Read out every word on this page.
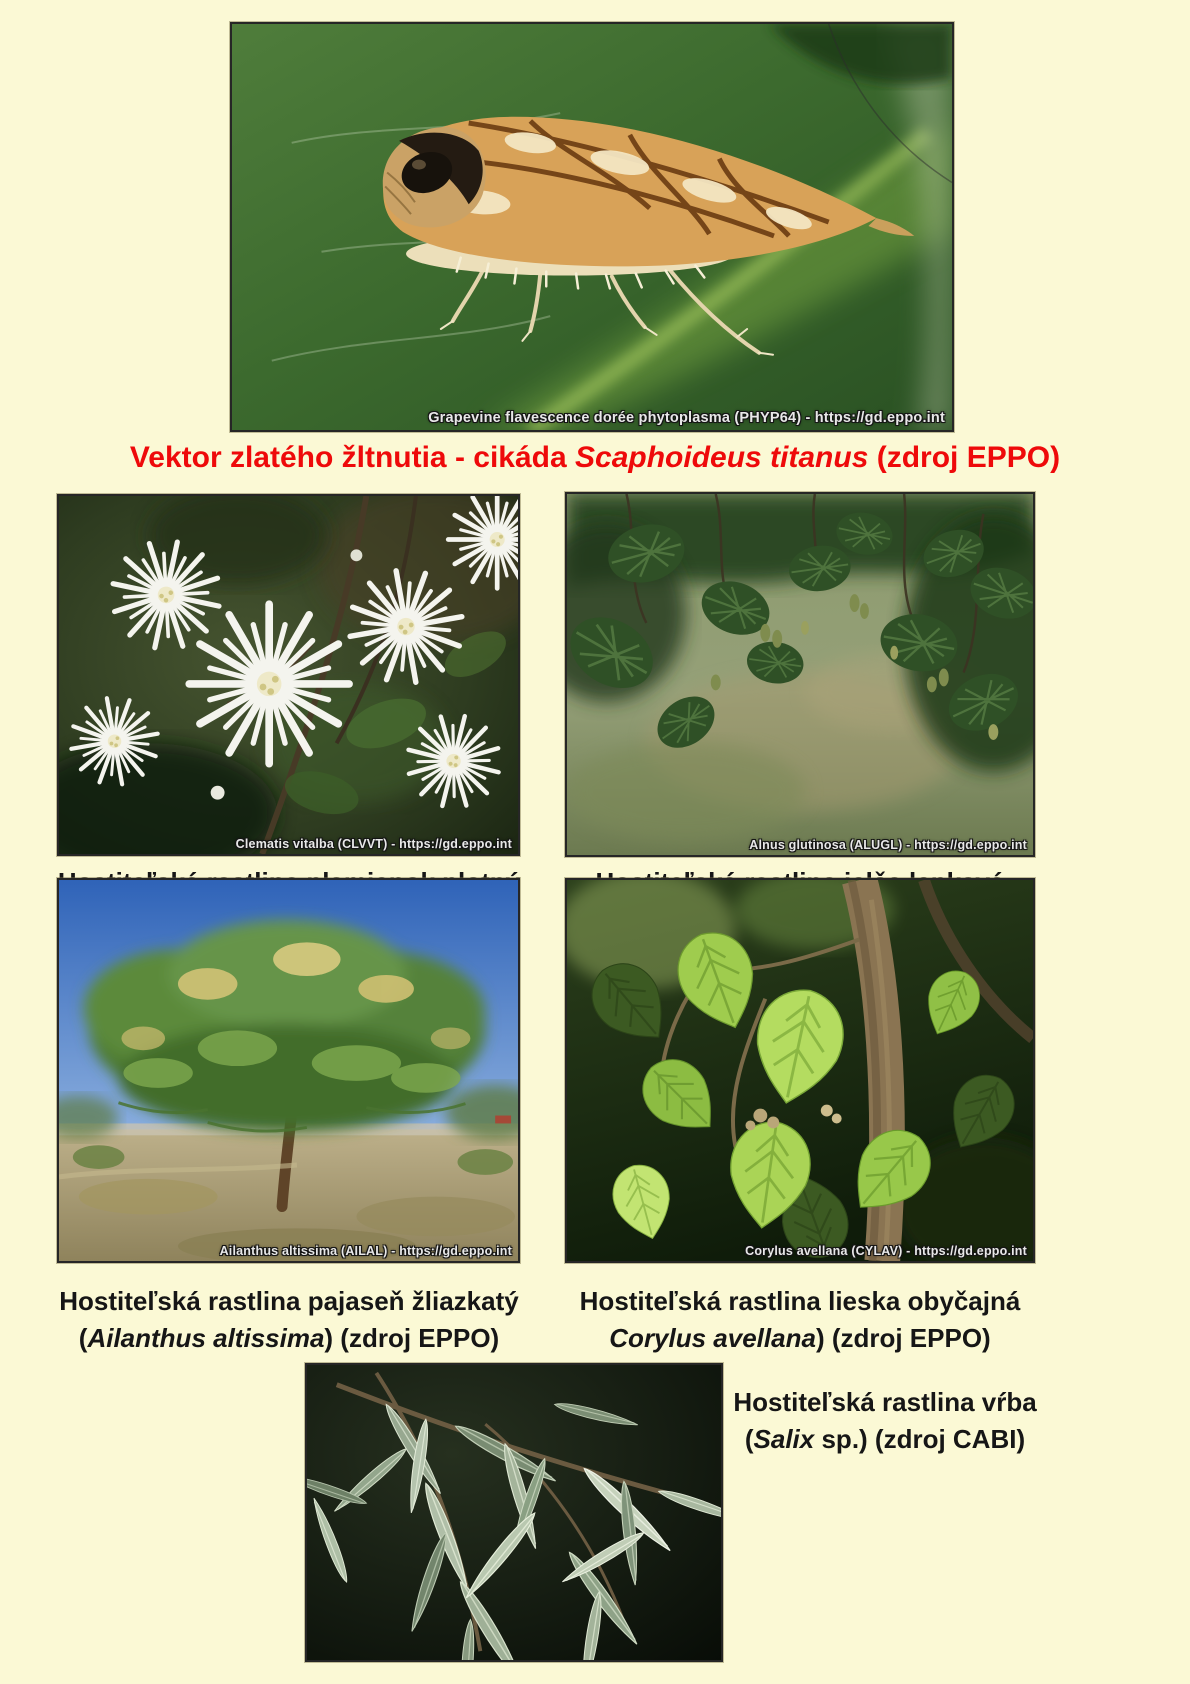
Grapevine flavescence dorée phytoplasma (PHYP64) - https://gd.eppo.int
Vektor zlatého žltnutia - cikáda Scaphoideus titanus (zdroj EPPO)
Clematis vitalba (CLVVT) - https://gd.eppo.int	Alnus glutinosa (ALUGL) - https://gd.eppo.int
Ailanthus altissima (AILAL) - https://gd.eppo.int	Corylus avellana (CYLAV) - https://gd.eppo.int
Hostiteľská rastlina pajaseň žliazkatý
(Ailanthus altissima) (zdroj EPPO)
Hostiteľská rastlina lieska obyčajná
Corylus avellana) (zdroj EPPO)
Hostiteľská rastlina vŕba
(Salix sp.) (zdroj CABI)
